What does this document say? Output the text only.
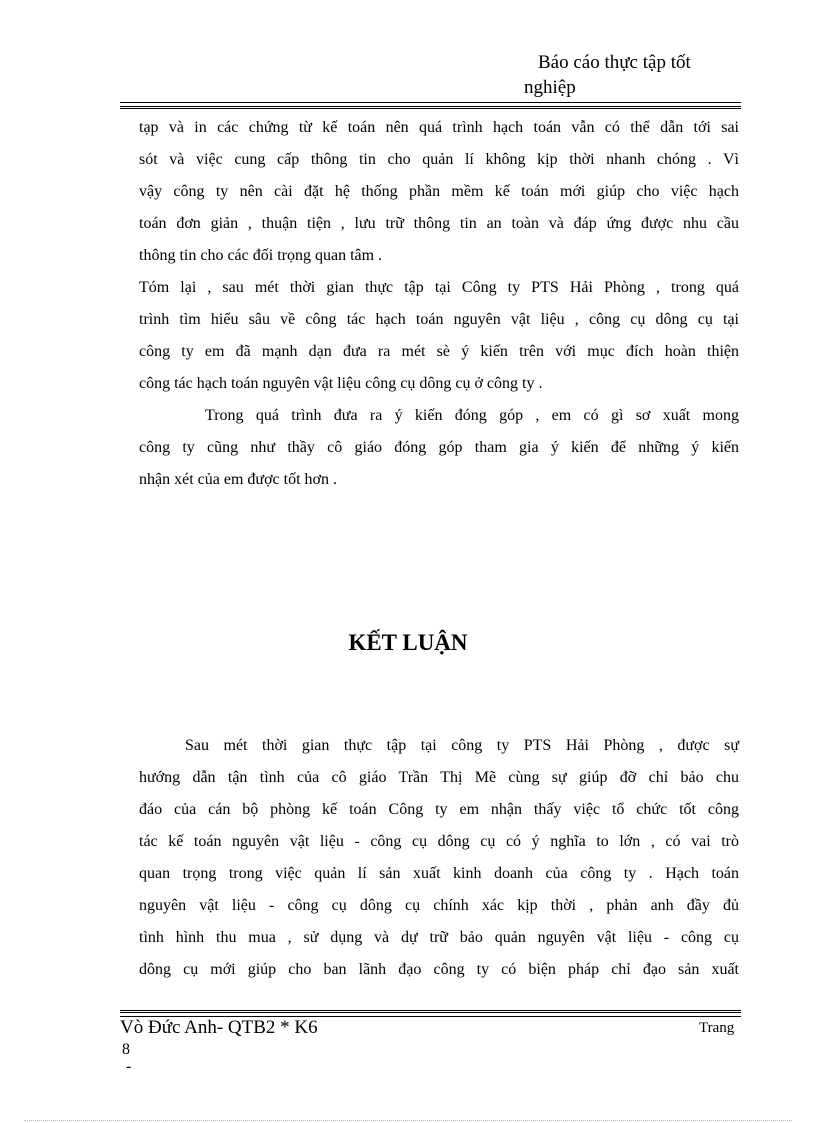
Báo cáo thực tập tốt
nghiệp
tạp và in các chứng từ kế toán nên quá trình hạch toán vẫn có thể dẫn tới sai
sót và việc cung cấp thông tin cho quản lí không kịp thời nhanh chóng . Vì
vậy công ty nên cài đặt hệ thống phần mềm kế toán mới giúp cho việc hạch
toán đơn giản , thuận tiện , lưu trữ thông tin an toàn và đáp ứng được nhu cầu
thông tin cho các đối trọng quan tâm .
Tóm lại , sau mét thời gian thực tập tại Công ty PTS Hải Phòng , trong quá
trình tìm hiểu sâu về công tác hạch toán nguyên vật liệu , công cụ dông cụ tại
công ty em đã mạnh dạn đưa ra mét sè ý kiến trên với mục đích hoàn thiện
công tác hạch toán nguyên vật liệu công cụ dông cụ ở công ty .
Trong quá trình đưa ra ý kiến đóng góp , em có gì sơ xuất mong
công ty cũng như thầy cô giáo đóng góp tham gia ý kiến để những ý kiến
nhận xét của em được tốt hơn .
KẾT LUẬN
Sau mét thời gian thực tập tại công ty PTS Hải Phòng , được sự
hướng dẫn tận tình của cô giáo Trần Thị Mẽ cùng sự giúp đỡ chỉ bảo chu
đáo của cán bộ phòng kế toán Công ty em nhận thấy việc tổ chức tốt công
tác kế toán nguyên vật liệu - công cụ dông cụ có ý nghĩa to lớn , có vai trò
quan trọng trong việc quản lí sản xuất kinh doanh của công ty . Hạch toán
nguyên vật liệu - công cụ dông cụ chính xác kịp thời , phản anh đầy đủ
tình hình thu mua , sử dụng và dự trữ bảo quản nguyên vật liệu - công cụ
dông cụ mới giúp cho ban lãnh đạo công ty có biện pháp chỉ đạo sản xuất
Vò Đức Anh- QTB2 * K6	Trang
8
-
